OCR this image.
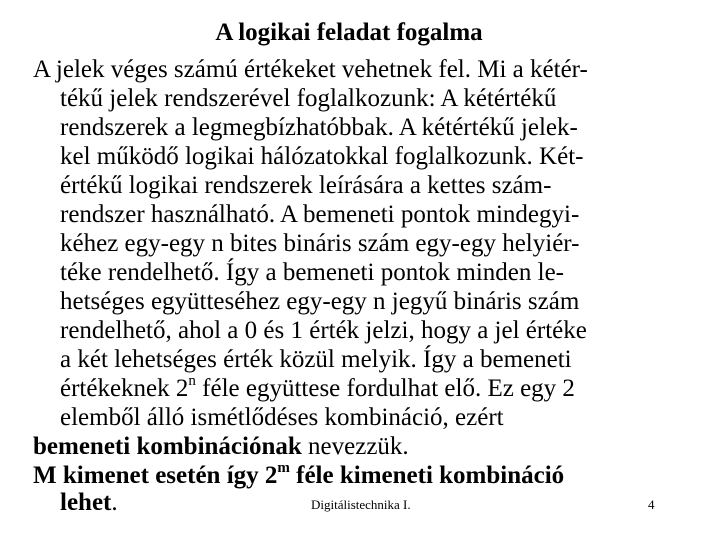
A logikai feladat fogalma
A jelek véges számú értékeket vehetnek fel. Mi a kétér-
tékű jelek rendszerével foglalkozunk: A kétértékű
rendszerek a legmegbízhatóbbak. A kétértékű jelek-
kel működő logikai hálózatokkal foglalkozunk. Két-
értékű logikai rendszerek leírására a kettes szám-
rendszer használható. A bemeneti pontok mindegyi-
kéhez egy-egy n bites bináris szám egy-egy helyiér-
téke rendelhető. Így a bemeneti pontok minden le-
hetséges együtteséhez egy-egy n jegyű bináris szám
rendelhető, ahol a 0 és 1 érték jelzi, hogy a jel értéke
a két lehetséges érték közül melyik. Így a bemeneti
értékeknek 2$^n$ féle együttese fordulhat elő. Ez egy 2
elemből álló ismétlődéses kombináció, ezért
bemeneti kombinációnak nevezzük.
M kimenet esetén így 2$^m$ féle kimeneti kombináció
lehet.	Digitálistechnika I.	4
